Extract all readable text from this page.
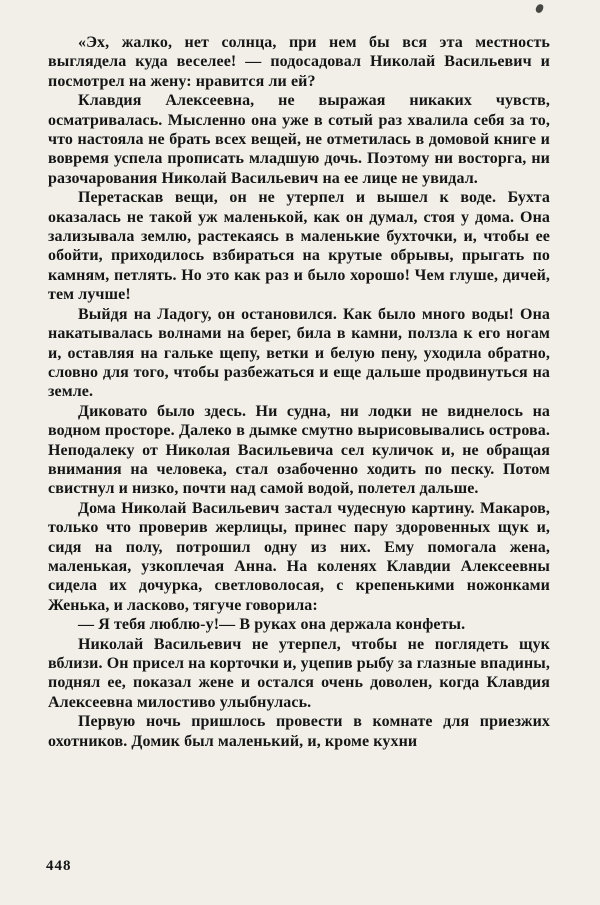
«Эх, жалко, нет солнца, при нем бы вся эта местность выглядела куда веселее! — подосадовал Николай Васильевич и посмотрел на жену: нравится ли ей?

Клавдия Алексеевна, не выражая никаких чувств, осматривалась. Мысленно она уже в сотый раз хвалила себя за то, что настояла не брать всех вещей, не отметилась в домовой книге и вовремя успела прописать младшую дочь. Поэтому ни восторга, ни разочарования Николай Васильевич на ее лице не увидал.

Перетаскав вещи, он не утерпел и вышел к воде. Бухта оказалась не такой уж маленькой, как он думал, стоя у дома. Она зализывала землю, растекаясь в маленькие бухточки, и, чтобы ее обойти, приходилось взбираться на крутые обрывы, прыгать по камням, петлять. Но это как раз и было хорошо! Чем глуше, дичей, тем лучше!

Выйдя на Ладогу, он остановился. Как было много воды! Она накатывалась волнами на берег, била в камни, ползла к его ногам и, оставляя на гальке щепу, ветки и белую пену, уходила обратно, словно для того, чтобы разбежаться и еще дальше продвинуться на земле.

Диковато было здесь. Ни судна, ни лодки не виднелось на водном просторе. Далеко в дымке смутно вырисовывались острова. Неподалеку от Николая Васильевича сел куличок и, не обращая внимания на человека, стал озабоченно ходить по песку. Потом свистнул и низко, почти над самой водой, полетел дальше.

Дома Николай Васильевич застал чудесную картину. Макаров, только что проверив жерлицы, принес пару здоровенных щук и, сидя на полу, потрошил одну из них. Ему помогала жена, маленькая, узкоплечая Анна. На коленях Клавдии Алексеевны сидела их дочурка, светловолосая, с крепенькими ножонками Женька, и ласково, тягуче говорила:

— Я тебя люблю-у!— В руках она держала конфеты.

Николай Васильевич не утерпел, чтобы не поглядеть щук вблизи. Он присел на корточки и, уцепив рыбу за глазные впадины, поднял ее, показал жене и остался очень доволен, когда Клавдия Алексеевна милостиво улыбнулась.

Первую ночь пришлось провести в комнате для приезжих охотников. Домик был маленький, и, кроме кухни

448
